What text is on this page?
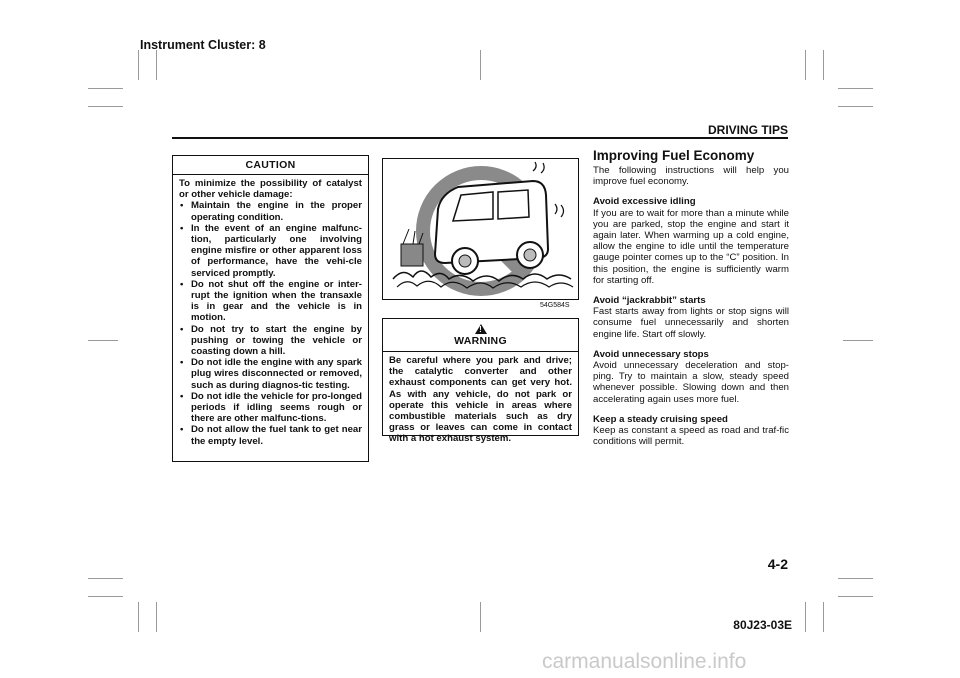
Instrument Cluster: 8
DRIVING TIPS
CAUTION
To minimize the possibility of catalyst or other vehicle damage:
• Maintain the engine in the proper operating condition.
• In the event of an engine malfunc-tion, particularly one involving engine misfire or other apparent loss of performance, have the vehi-cle serviced promptly.
• Do not shut off the engine or inter-rupt the ignition when the transaxle is in gear and the vehicle is in motion.
• Do not try to start the engine by pushing or towing the vehicle or coasting down a hill.
• Do not idle the engine with any spark plug wires disconnected or removed, such as during diagnos-tic testing.
• Do not idle the vehicle for pro-longed periods if idling seems rough or there are other malfunc-tions.
• Do not allow the fuel tank to get near the empty level.
54G584S
!
WARNING
Be careful where you park and drive; the catalytic converter and other exhaust components can get very hot. As with any vehicle, do not park or operate this vehicle in areas where combustible materials such as dry grass or leaves can come in contact with a hot exhaust system.
Improving Fuel Economy

The following instructions will help you improve fuel economy.

Avoid excessive idling
If you are to wait for more than a minute while you are parked, stop the engine and start it again later. When warming up a cold engine, allow the engine to idle until the temperature gauge pointer comes up to the “C” position. In this position, the engine is sufficiently warm for starting off.

Avoid “jackrabbit” starts
Fast starts away from lights or stop signs will consume fuel unnecessarily and shorten engine life. Start off slowly.

Avoid unnecessary stops
Avoid unnecessary deceleration and stop-ping. Try to maintain a slow, steady speed whenever possible. Slowing down and then accelerating again uses more fuel.

Keep a steady cruising speed
Keep as constant a speed as road and traf-fic conditions will permit.

4-2
80J23-03E
carmanualsonline.info
